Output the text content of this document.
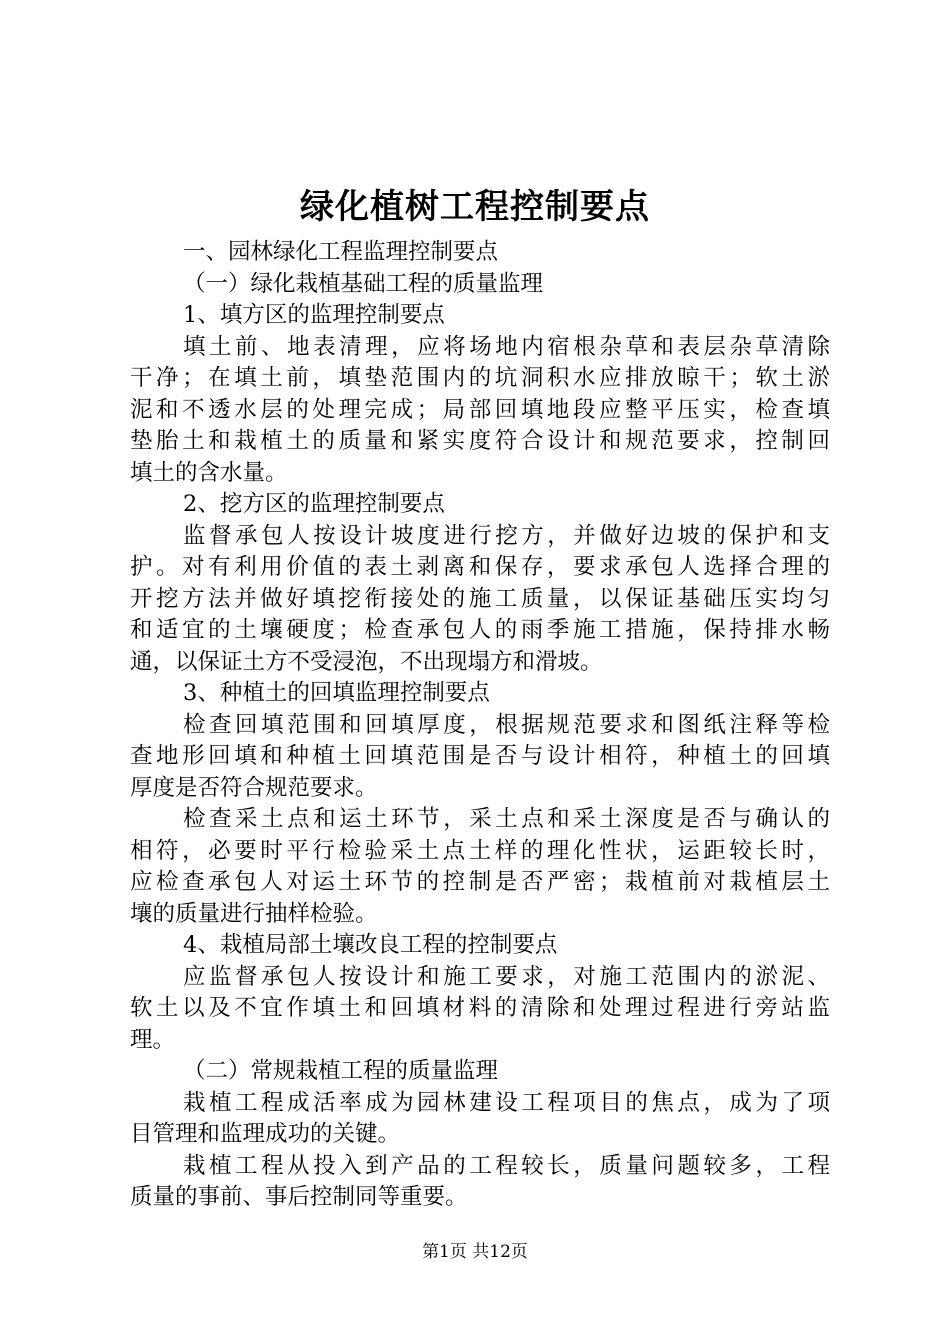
绿化植树工程控制要点
一、园林绿化工程监理控制要点
（一）绿化栽植基础工程的质量监理
1、填方区的监理控制要点
填土前、地表清理，应将场地内宿根杂草和表层杂草清除
干净；在填土前，填垫范围内的坑洞积水应排放晾干；软土淤
泥和不透水层的处理完成；局部回填地段应整平压实，检查填
垫胎土和栽植土的质量和紧实度符合设计和规范要求，控制回
填土的含水量。
2、挖方区的监理控制要点
监督承包人按设计坡度进行挖方，并做好边坡的保护和支
护。对有利用价值的表土剥离和保存，要求承包人选择合理的
开挖方法并做好填挖衔接处的施工质量，以保证基础压实均匀
和适宜的土壤硬度；检查承包人的雨季施工措施，保持排水畅
通，以保证土方不受浸泡，不出现塌方和滑坡。
3、种植土的回填监理控制要点
检查回填范围和回填厚度，根据规范要求和图纸注释等检
查地形回填和种植土回填范围是否与设计相符，种植土的回填
厚度是否符合规范要求。
检查采土点和运土环节，采土点和采土深度是否与确认的
相符，必要时平行检验采土点土样的理化性状，运距较长时，
应检查承包人对运土环节的控制是否严密；栽植前对栽植层土
壤的质量进行抽样检验。
4、栽植局部土壤改良工程的控制要点
应监督承包人按设计和施工要求，对施工范围内的淤泥、
软土以及不宜作填土和回填材料的清除和处理过程进行旁站监
理。
（二）常规栽植工程的质量监理
栽植工程成活率成为园林建设工程项目的焦点，成为了项
目管理和监理成功的关键。
栽植工程从投入到产品的工程较长，质量问题较多，工程
质量的事前、事后控制同等重要。
第1页 共12页
